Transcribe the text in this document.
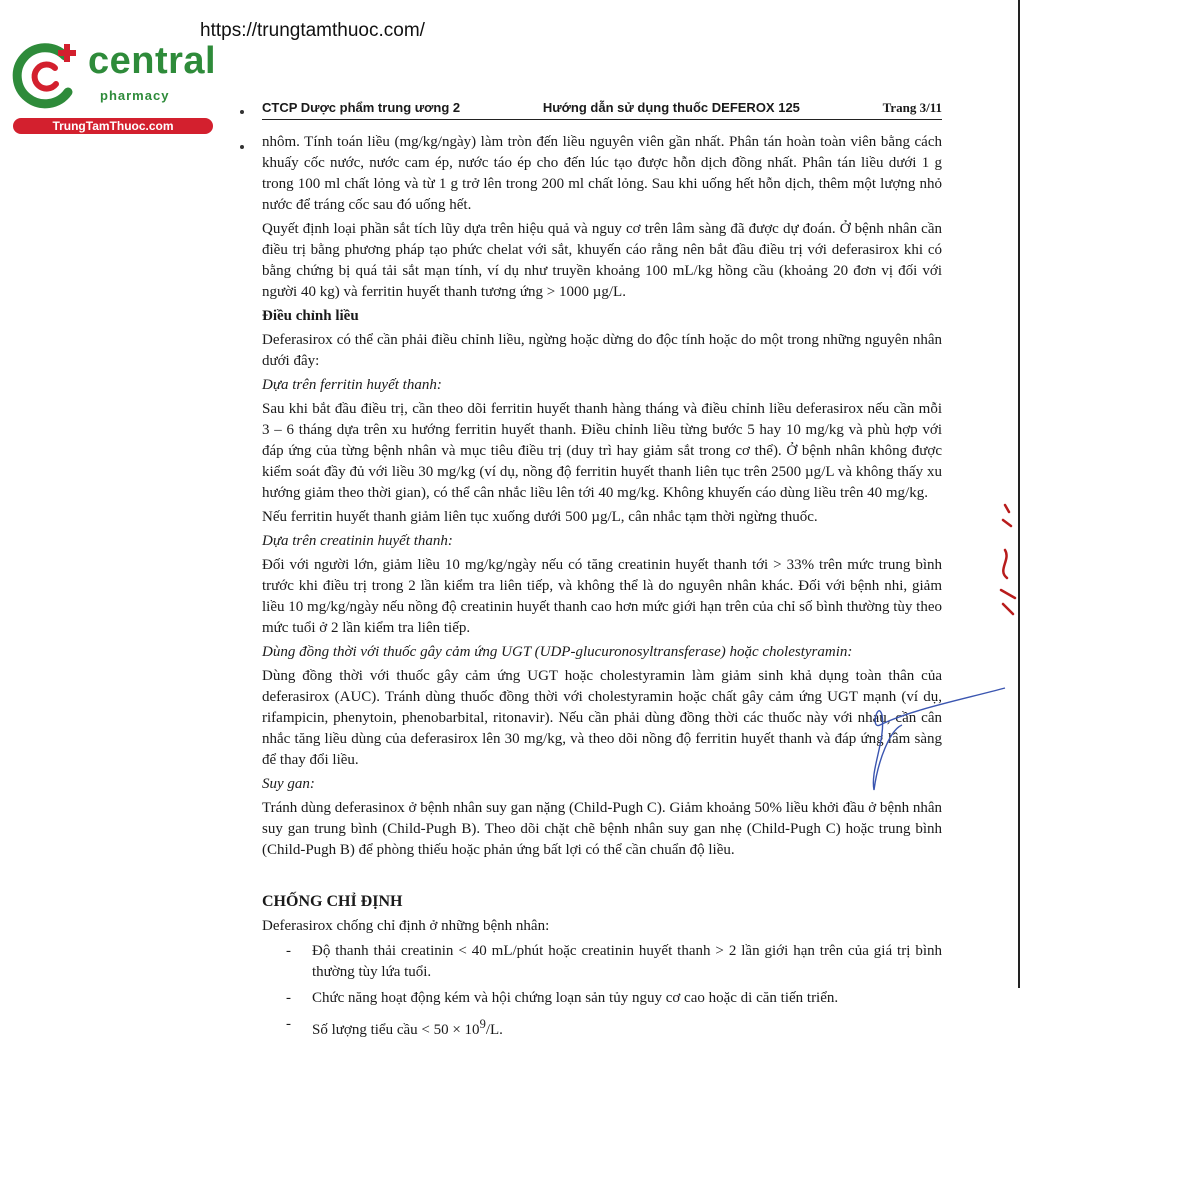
https://trungtamthuoc.com/
central
pharmacy
TrungTamThuoc.com
CTCP Dược phẩm trung ương 2	Hướng dẫn sử dụng thuốc DEFEROX 125	Trang 3/11

nhôm. Tính toán liều (mg/kg/ngày) làm tròn đến liều nguyên viên gần nhất. Phân tán hoàn toàn viên bằng cách khuấy cốc nước, nước cam ép, nước táo ép cho đến lúc tạo được hỗn dịch đồng nhất. Phân tán liều dưới 1 g trong 100 ml chất lỏng và từ 1 g trở lên trong 200 ml chất lỏng. Sau khi uống hết hỗn dịch, thêm một lượng nhỏ nước để tráng cốc sau đó uống hết.

Quyết định loại phần sắt tích lũy dựa trên hiệu quả và nguy cơ trên lâm sàng đã được dự đoán. Ở bệnh nhân cần điều trị bằng phương pháp tạo phức chelat với sắt, khuyến cáo rằng nên bắt đầu điều trị với deferasirox khi có bằng chứng bị quá tải sắt mạn tính, ví dụ như truyền khoảng 100 mL/kg hồng cầu (khoảng 20 đơn vị đối với người 40 kg) và ferritin huyết thanh tương ứng > 1000 µg/L.

Điều chỉnh liều

Deferasirox có thể cần phải điều chỉnh liều, ngừng hoặc dừng do độc tính hoặc do một trong những nguyên nhân dưới đây:

Dựa trên ferritin huyết thanh:

Sau khi bắt đầu điều trị, cần theo dõi ferritin huyết thanh hàng tháng và điều chỉnh liều deferasirox nếu cần mỗi 3 – 6 tháng dựa trên xu hướng ferritin huyết thanh. Điều chỉnh liều từng bước 5 hay 10 mg/kg và phù hợp với đáp ứng của từng bệnh nhân và mục tiêu điều trị (duy trì hay giảm sắt trong cơ thể). Ở bệnh nhân không được kiểm soát đầy đủ với liều 30 mg/kg (ví dụ, nồng độ ferritin huyết thanh liên tục trên 2500 µg/L và không thấy xu hướng giảm theo thời gian), có thể cân nhắc liều lên tới 40 mg/kg. Không khuyến cáo dùng liều trên 40 mg/kg.

Nếu ferritin huyết thanh giảm liên tục xuống dưới 500 µg/L, cân nhắc tạm thời ngừng thuốc.

Dựa trên creatinin huyết thanh:

Đối với người lớn, giảm liều 10 mg/kg/ngày nếu có tăng creatinin huyết thanh tới > 33% trên mức trung bình trước khi điều trị trong 2 lần kiểm tra liên tiếp, và không thể là do nguyên nhân khác. Đối với bệnh nhi, giảm liều 10 mg/kg/ngày nếu nồng độ creatinin huyết thanh cao hơn mức giới hạn trên của chỉ số bình thường tùy theo mức tuổi ở 2 lần kiểm tra liên tiếp.

Dùng đồng thời với thuốc gây cảm ứng UGT (UDP-glucuronosyltransferase) hoặc cholestyramin:

Dùng đồng thời với thuốc gây cảm ứng UGT hoặc cholestyramin làm giảm sinh khả dụng toàn thân của deferasirox (AUC). Tránh dùng thuốc đồng thời với cholestyramin hoặc chất gây cảm ứng UGT mạnh (ví dụ, rifampicin, phenytoin, phenobarbital, ritonavir). Nếu cần phải dùng đồng thời các thuốc này với nhau, cần cân nhắc tăng liều dùng của deferasirox lên 30 mg/kg, và theo dõi nồng độ ferritin huyết thanh và đáp ứng lâm sàng để thay đổi liều.

Suy gan:

Tránh dùng deferasinox ở bệnh nhân suy gan nặng (Child-Pugh C). Giảm khoảng 50% liều khởi đầu ở bệnh nhân suy gan trung bình (Child-Pugh B). Theo dõi chặt chẽ bệnh nhân suy gan nhẹ (Child-Pugh C) hoặc trung bình (Child-Pugh B) để phòng thiếu hoặc phản ứng bất lợi có thể cần chuẩn độ liều.

CHỐNG CHỈ ĐỊNH

Deferasirox chống chỉ định ở những bệnh nhân:

- Độ thanh thải creatinin < 40 mL/phút hoặc creatinin huyết thanh > 2 lần giới hạn trên của giá trị bình thường tùy lứa tuổi.
- Chức năng hoạt động kém và hội chứng loạn sản tủy nguy cơ cao hoặc di căn tiến triển.
- Số lượng tiểu cầu < $50 \times 10^9/L$.
